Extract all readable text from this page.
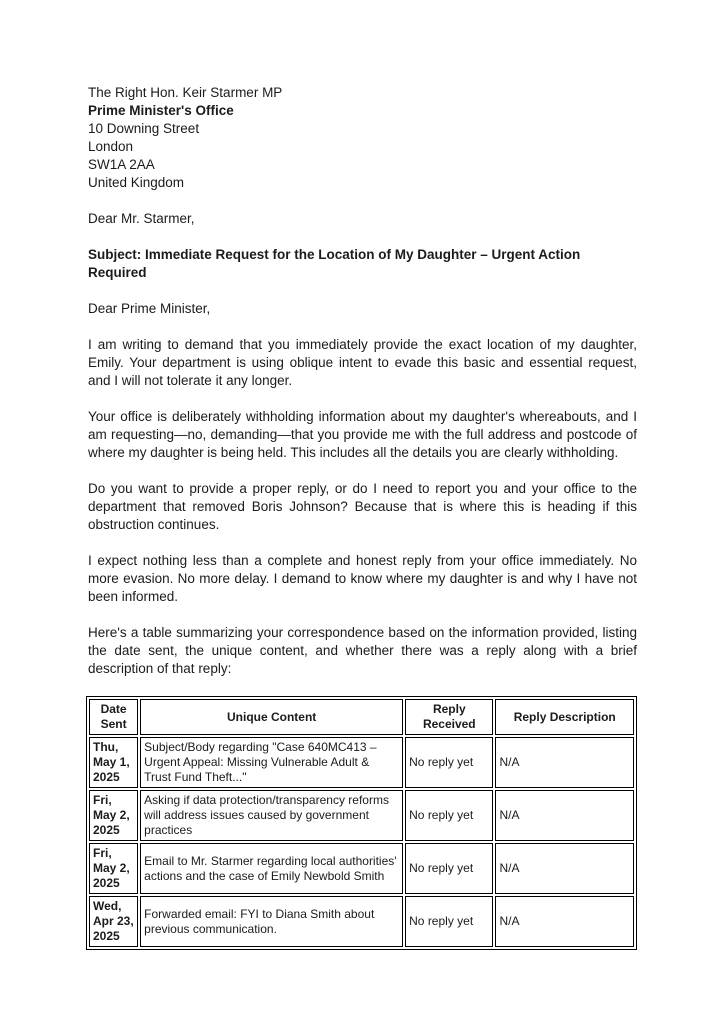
The Right Hon. Keir Starmer MP
Prime Minister's Office
10 Downing Street
London
SW1A 2AA
United Kingdom

Dear Mr. Starmer,

Subject: Immediate Request for the Location of My Daughter – Urgent Action Required

Dear Prime Minister,

I am writing to demand that you immediately provide the exact location of my daughter, Emily. Your department is using oblique intent to evade this basic and essential request, and I will not tolerate it any longer.

Your office is deliberately withholding information about my daughter's whereabouts, and I am requesting—no, demanding—that you provide me with the full address and postcode of where my daughter is being held. This includes all the details you are clearly withholding.

Do you want to provide a proper reply, or do I need to report you and your office to the department that removed Boris Johnson? Because that is where this is heading if this obstruction continues.

I expect nothing less than a complete and honest reply from your office immediately. No more evasion. No more delay. I demand to know where my daughter is and why I have not been informed.

Here's a table summarizing your correspondence based on the information provided, listing the date sent, the unique content, and whether there was a reply along with a brief description of that reply:

Date Sent	Unique Content	Reply Received	Reply Description
Thu, May 1, 2025	Subject/Body regarding "Case 640MC413 – Urgent Appeal: Missing Vulnerable Adult & Trust Fund Theft..."	No reply yet	N/A
Fri, May 2, 2025	Asking if data protection/transparency reforms will address issues caused by government practices	No reply yet	N/A
Fri, May 2, 2025	Email to Mr. Starmer regarding local authorities' actions and the case of Emily Newbold Smith	No reply yet	N/A
Wed, Apr 23, 2025	Forwarded email: FYI to Diana Smith about previous communication.	No reply yet	N/A
